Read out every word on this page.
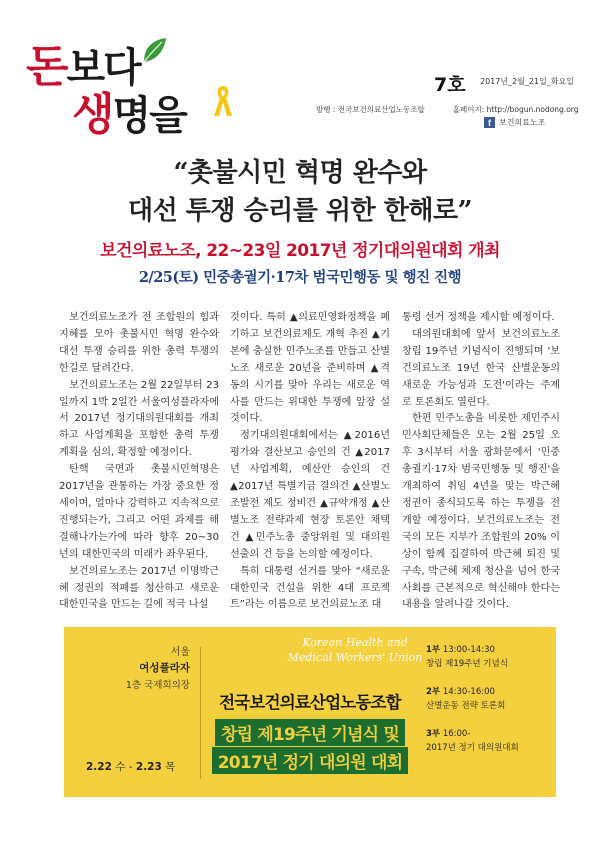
돈보다
생명을
7호 2017년_2월_21일_화요일
발행 : 전국보건의료산업노동조합	홈페이지: http://bogun.nodong.org
f	보건의료노조
“촛불시민 혁명 완수와
대선 투쟁 승리를 위한 한해로”
보건의료노조, 22~23일 2017년 정기대의원대회 개최
2/25(토) 민중총궐기·17차 범국민행동 및 행진 진행

보건의료노조가 전 조합원의 힘과 지혜를 모아 촛불시민 혁명 완수와 대선 투쟁 승리를 위한 총력 투쟁의 한길로 달려간다.

보건의료노조는 2월 22일부터 23일까지 1박 2일간 서울여성플라자에서 2017년 정기대의원대회를 개최하고 사업계획을 포함한 총력 투쟁 계획을 심의, 확정할 예정이다.

탄핵 국면과 촛불시민혁명은 2017년을 관통하는 가장 중요한 정세이며, 얼마나 강력하고 지속적으로 진행되는가, 그리고 어떤 과제를 해결해나가는가에 따라 향후 20~30년의 대한민국의 미래가 좌우된다.

보건의료노조는 2017년 이명박근혜 정권의 적폐를 청산하고 새로운 대한민국을 만드는 길에 적극 나설

것이다. 특히 ▲의료민영화정책을 폐기하고 보건의료제도 개혁 추진 ▲기본에 충실한 민주노조를 만들고 산별노조 새로운 20년을 준비하며 ▲격동의 시기를 맞아 우리는 새로운 역사를 만드는 위대한 투쟁에 앞장 설 것이다.

정기대의원대회에서는 ▲2016년 평가와 결산보고 승인의 건 ▲2017년 사업계획, 예산안 승인의 건 ▲2017년 특별기금 결의건 ▲산별노조발전 제도 정비건 ▲규약개정 ▲산별노조 전략과제 현장 토론안 채택 건 ▲민주노총 중앙위원 및 대의원 선출의 건 등을 논의할 예정이다.

특히 대통령 선거를 맞아 “새로운 대한민국 건설을 위한 4대 프로젝트”라는 이름으로 보건의료노조 대

통령 선거 정책을 제시할 예정이다.

대의원대회에 앞서 보건의료노조 창립 19주년 기념식이 진행되며 '보건의료노조 19년 한국 산별운동의 새로운 가능성과 도전'이라는 주제로 토론회도 열린다.

한편 민주노총을 비롯한 제민주시민사회단체들은 오는 2월 25일 오후 3시부터 서울 광화문에서 '민중총궐기·17차 범국민행동 및 행진'을 개최하여 취임 4년을 맞는 박근혜 정권이 종식되도록 하는 투쟁을 전개할 예정이다. 보건의료노조는 전국의 모든 지부가 조합원의 20% 이상이 함께 집결하여 박근혜 퇴진 및 구속, 박근혜 체제 청산을 넘어 한국사회를 근본적으로 혁신해야 한다는 내용을 알려나갈 것이다.

서울
여성플라자
1층 국제회의장
2.22 수 - 2.23 목
Korean Health and
Medical Workers' Union
전국보건의료산업노동조합
창립 제19주년 기념식 및
2017년 정기 대의원 대회
1부 13:00-14:30
창립 제19주년 기념식
2부 14:30-16:00
산별운동 전략 토론회
3부 16:00-
2017년 정기 대의원대회
